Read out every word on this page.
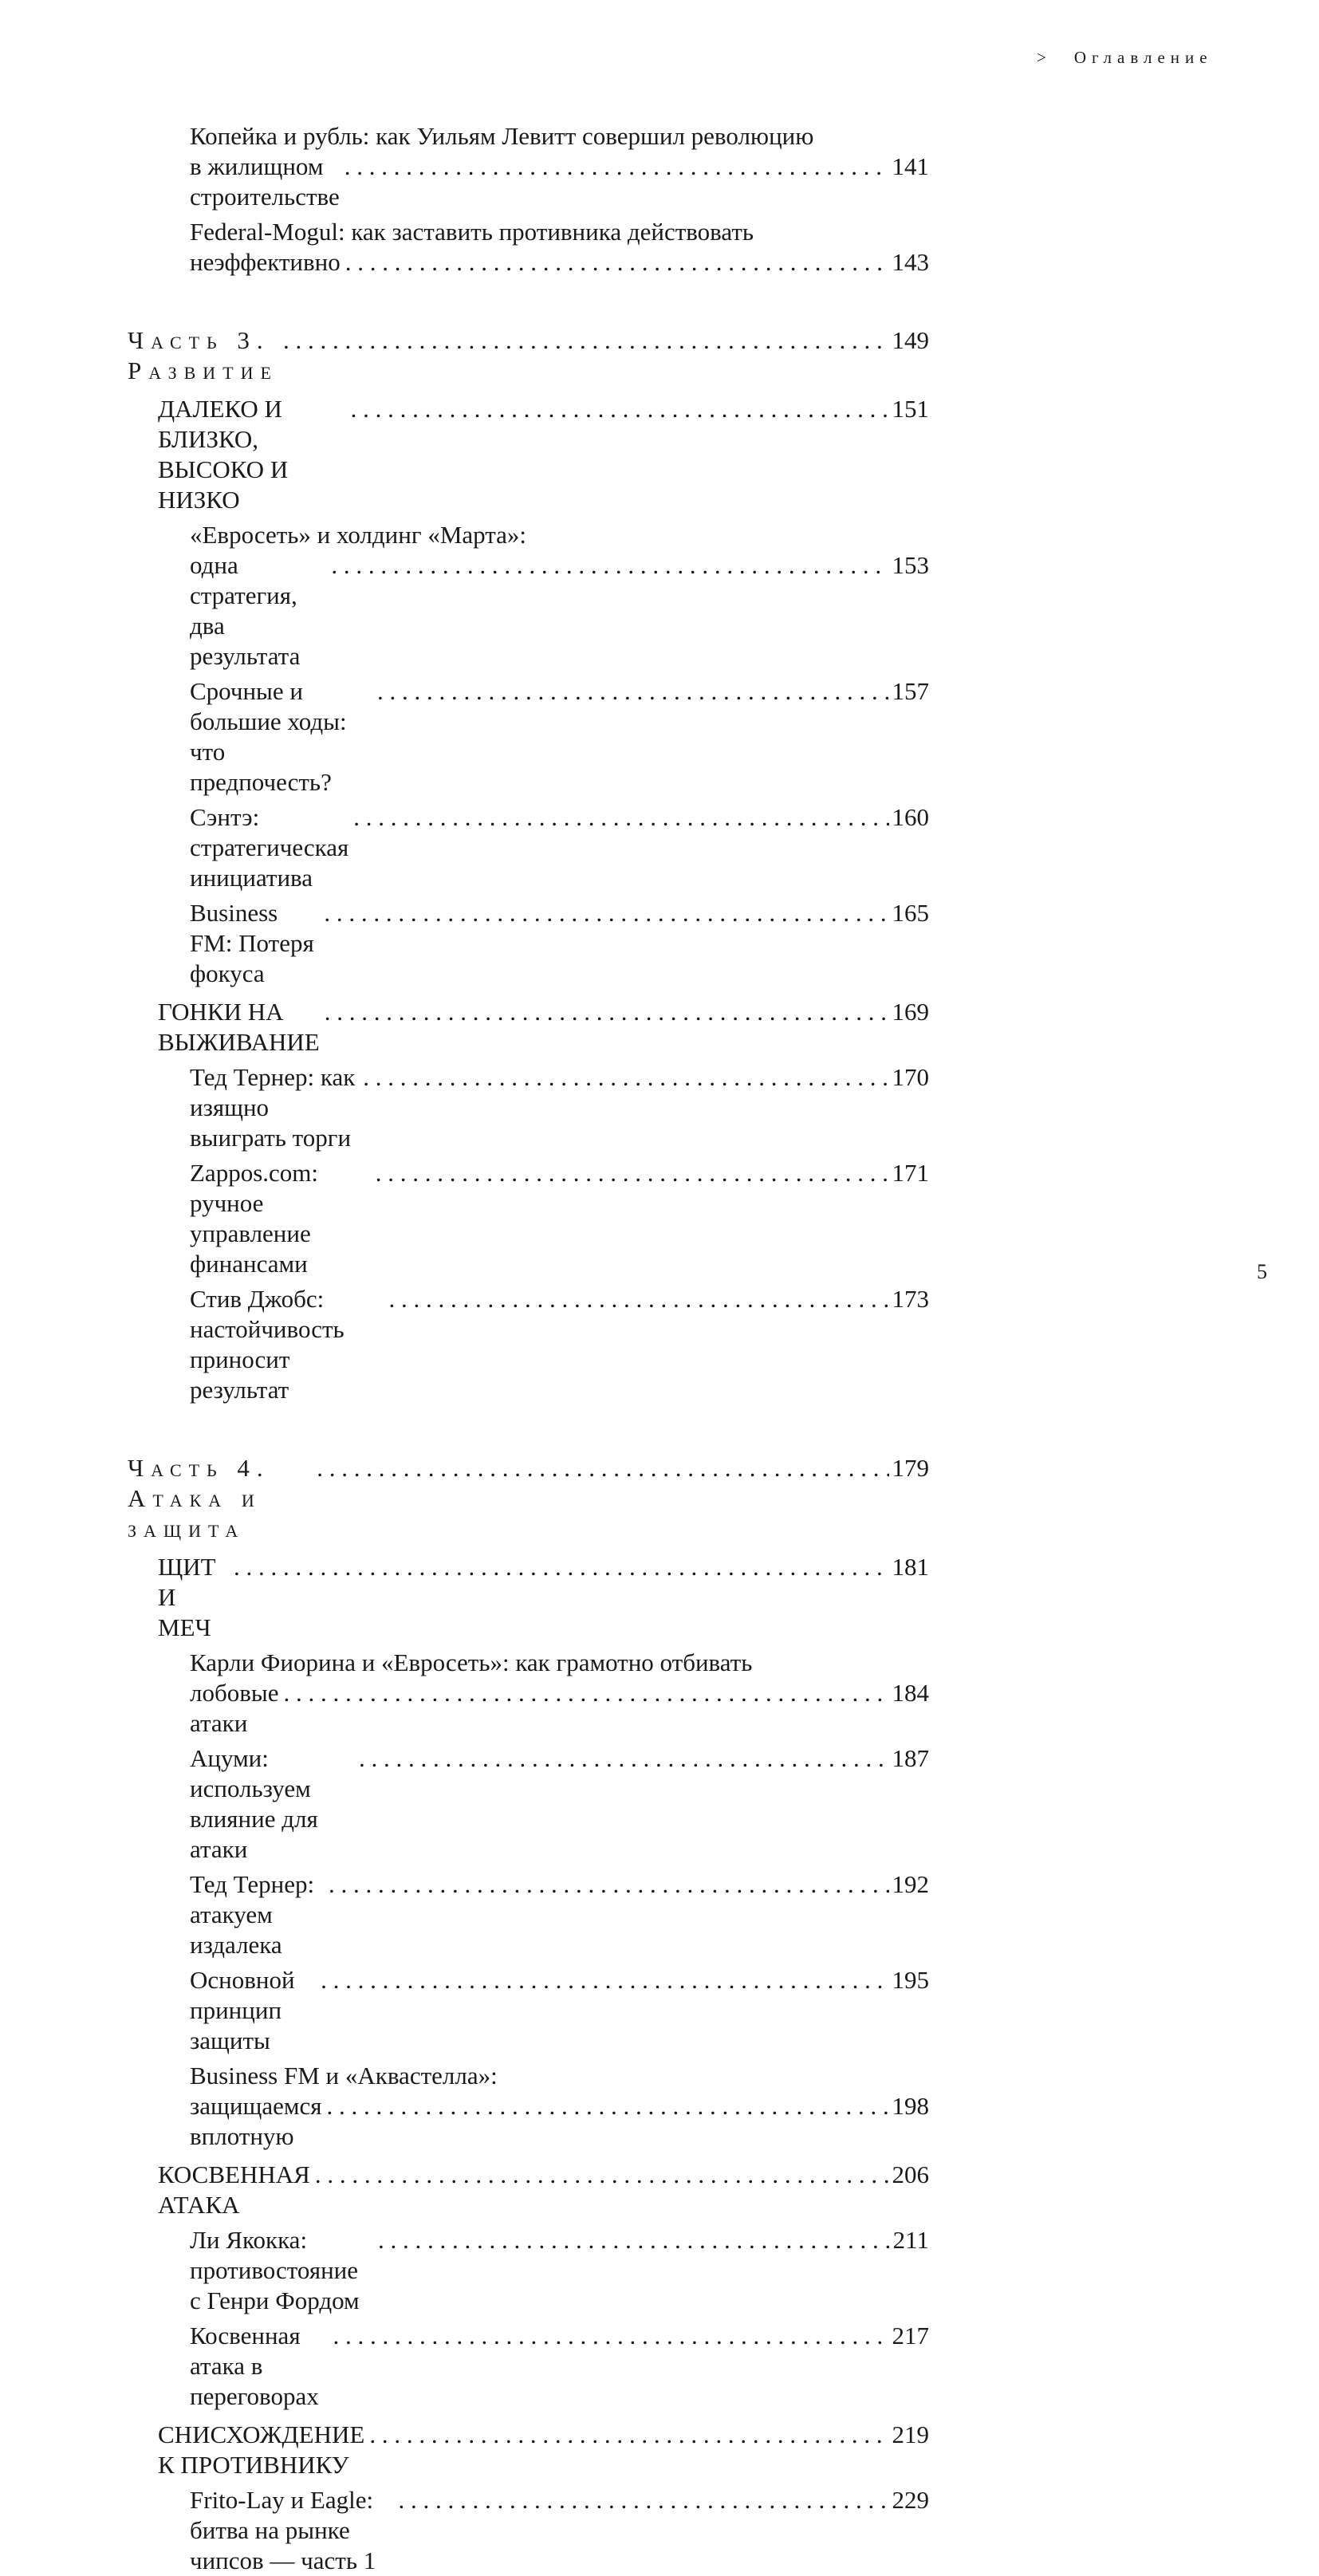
> Оглавление
Копейка и рубль: как Уильям Левитт совершил революцию
в жилищном строительстве
. . .
141
Federal-Mogul: как заставить противника действовать
неэффективно
. . .	143
Часть 3. Развитие
. . .
149
ДАЛЕКО И БЛИЗКО, ВЫСОКО И НИЗКО
. . .
151
«Евросеть» и холдинг «Марта»:
одна стратегия, два результата
. . .
153
Срочные и большие ходы: что предпочесть?
. . .
157
Сэнтэ: стратегическая инициатива
. . .
160
Business FM: Потеря фокуса
. . .
165
ГОНКИ НА ВЫЖИВАНИЕ
. . .
169
Тед Тернер: как изящно выиграть торги
. . .
170
Zappos.com: ручное управление финансами
. . .
171
Стив Джобс: настойчивость приносит результат
. . .
173
Часть 4. Атака и защита
. . .
179
ЩИТ И МЕЧ
. . .
181
Карли Фиорина и «Евросеть»: как грамотно отбивать
лобовые атаки
. . .
184
Ацуми: используем влияние для атаки
. . .
187
Тед Тернер: атакуем издалека
. . .
192
Основной принцип защиты
. . .
195
Business FM и «Аквастелла»:
защищаемся вплотную
. . .
198
КОСВЕННАЯ АТАКА
. . .
206
Ли Якокка: противостояние с Генри Фордом
. . .
211
Косвенная атака в переговорах
. . .
217
СНИСХОЖДЕНИЕ К ПРОТИВНИКУ
. . .
219
Frito-Lay и Eagle: битва на рынке чипсов — часть 1
. . .
229
5
